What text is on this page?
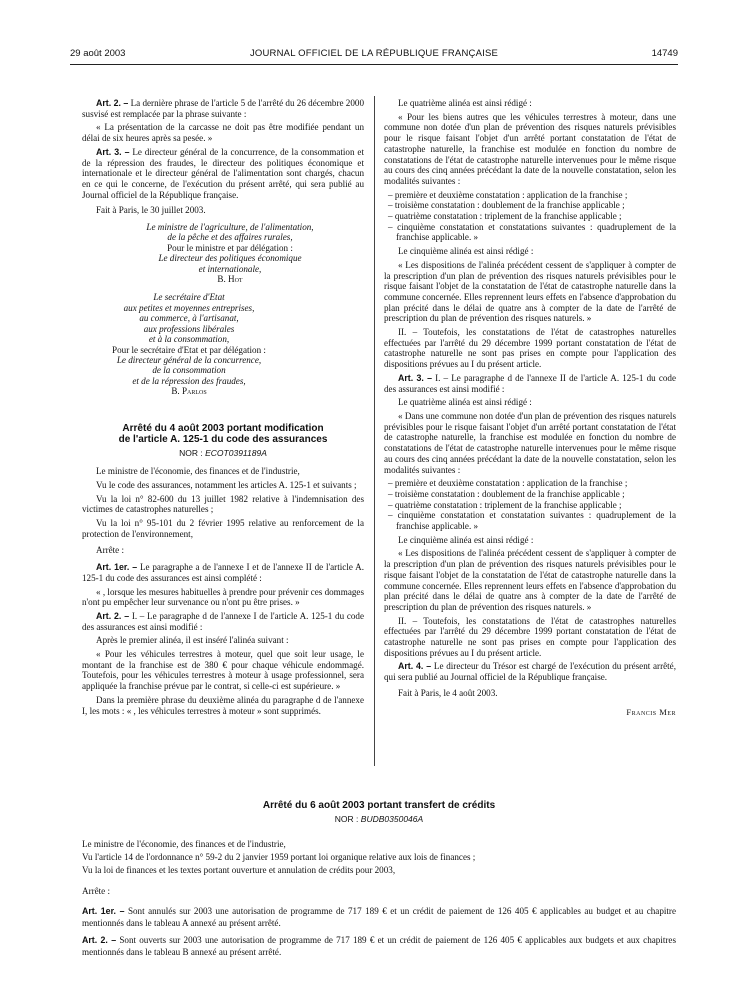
29 août 2003	JOURNAL OFFICIEL DE LA RÉPUBLIQUE FRANÇAISE	14749

Art. 2. – La dernière phrase de l'article 5 de l'arrêté du 26 décembre 2000 susvisé est remplacée par la phrase suivante :

« La présentation de la carcasse ne doit pas être modifiée pendant un délai de six heures après sa pesée. »

Art. 3. – Le directeur général de la concurrence, de la consommation et de la répression des fraudes, le directeur des politiques économique et internationale et le directeur général de l'alimentation sont chargés, chacun en ce qui le concerne, de l'exécution du présent arrêté, qui sera publié au Journal officiel de la République française.

Fait à Paris, le 30 juillet 2003.

Le ministre de l'agriculture, de l'alimentation,

de la pêche et des affaires rurales,

Pour le ministre et par délégation :

Le directeur des politiques économique

et internationale,

B. Hot

Le secrétaire d'Etat

aux petites et moyennes entreprises,

au commerce, à l'artisanat,

aux professions libérales

et à la consommation,

Pour le secrétaire d'Etat et par délégation :

Le directeur général de la concurrence,

de la consommation

et de la répression des fraudes,

B. Parlos

Arrêté du 4 août 2003 portant modification
de l'article A. 125-1 du code des assurances
NOR : ECOT0391189A

Le ministre de l'économie, des finances et de l'industrie,

Vu le code des assurances, notamment les articles A. 125-1 et suivants ;

Vu la loi n° 82-600 du 13 juillet 1982 relative à l'indemnisation des victimes de catastrophes naturelles ;

Vu la loi n° 95-101 du 2 février 1995 relative au renforcement de la protection de l'environnement,

Arrête :

Art. 1er. – Le paragraphe a de l'annexe I et de l'annexe II de l'article A. 125-1 du code des assurances est ainsi complété :

« , lorsque les mesures habituelles à prendre pour prévenir ces dommages n'ont pu empêcher leur survenance ou n'ont pu être prises. »

Art. 2. – I. – Le paragraphe d de l'annexe I de l'article A. 125-1 du code des assurances est ainsi modifié :

Après le premier alinéa, il est inséré l'alinéa suivant :

« Pour les véhicules terrestres à moteur, quel que soit leur usage, le montant de la franchise est de 380 € pour chaque véhicule endommagé. Toutefois, pour les véhicules terrestres à moteur à usage professionnel, sera appliquée la franchise prévue par le contrat, si celle-ci est supérieure. »

Dans la première phrase du deuxième alinéa du paragraphe d de l'annexe I, les mots : « , les véhicules terrestres à moteur » sont supprimés.

Le quatrième alinéa est ainsi rédigé :

« Pour les biens autres que les véhicules terrestres à moteur, dans une commune non dotée d'un plan de prévention des risques naturels prévisibles pour le risque faisant l'objet d'un arrêté portant constatation de l'état de catastrophe naturelle, la franchise est modulée en fonction du nombre de constatations de l'état de catastrophe naturelle intervenues pour le même risque au cours des cinq années précédant la date de la nouvelle constatation, selon les modalités suivantes :

– première et deuxième constatation : application de la franchise ;
– troisième constatation : doublement de la franchise applicable ;
– quatrième constatation : triplement de la franchise applicable ;
– cinquième constatation et constatations suivantes : quadruplement de la franchise applicable. »

Le cinquième alinéa est ainsi rédigé :

« Les dispositions de l'alinéa précédent cessent de s'appliquer à compter de la prescription d'un plan de prévention des risques naturels prévisibles pour le risque faisant l'objet de la constatation de l'état de catastrophe naturelle dans la commune concernée. Elles reprennent leurs effets en l'absence d'approbation du plan précité dans le délai de quatre ans à compter de la date de l'arrêté de prescription du plan de prévention des risques naturels. »

II. – Toutefois, les constatations de l'état de catastrophes naturelles effectuées par l'arrêté du 29 décembre 1999 portant constatation de l'état de catastrophe naturelle ne sont pas prises en compte pour l'application des dispositions prévues au I du présent article.

Art. 3. – I. – Le paragraphe d de l'annexe II de l'article A. 125-1 du code des assurances est ainsi modifié :

Le quatrième alinéa est ainsi rédigé :

« Dans une commune non dotée d'un plan de prévention des risques naturels prévisibles pour le risque faisant l'objet d'un arrêté portant constatation de l'état de catastrophe naturelle, la franchise est modulée en fonction du nombre de constatations de l'état de catastrophe naturelle intervenues pour le même risque au cours des cinq années précédant la date de la nouvelle constatation, selon les modalités suivantes :

– première et deuxième constatation : application de la franchise ;
– troisième constatation : doublement de la franchise applicable ;
– quatrième constatation : triplement de la franchise applicable ;
– cinquième constatation et constatation suivantes : quadruplement de la franchise applicable. »

Le cinquième alinéa est ainsi rédigé :

« Les dispositions de l'alinéa précédent cessent de s'appliquer à compter de la prescription d'un plan de prévention des risques naturels prévisibles pour le risque faisant l'objet de la constatation de l'état de catastrophe naturelle dans la commune concernée. Elles reprennent leurs effets en l'absence d'approbation du plan précité dans le délai de quatre ans à compter de la date de l'arrêté de prescription du plan de prévention des risques naturels. »

II. – Toutefois, les constatations de l'état de catastrophes naturelles effectuées par l'arrêté du 29 décembre 1999 portant constatation de l'état de catastrophe naturelle ne sont pas prises en compte pour l'application des dispositions prévues au I du présent article.

Art. 4. – Le directeur du Trésor est chargé de l'exécution du présent arrêté, qui sera publié au Journal officiel de la République française.

Fait à Paris, le 4 août 2003.

Francis Mer

Arrêté du 6 août 2003 portant transfert de crédits
NOR : BUDB0350046A

Le ministre de l'économie, des finances et de l'industrie,

Vu l'article 14 de l'ordonnance n° 59-2 du 2 janvier 1959 portant loi organique relative aux lois de finances ;

Vu la loi de finances et les textes portant ouverture et annulation de crédits pour 2003,

Arrête :

Art. 1er. – Sont annulés sur 2003 une autorisation de programme de 717 189 € et un crédit de paiement de 126 405 € applicables au budget et au chapitre mentionnés dans le tableau A annexé au présent arrêté.

Art. 2. – Sont ouverts sur 2003 une autorisation de programme de 717 189 € et un crédit de paiement de 126 405 € applicables aux budgets et aux chapitres mentionnés dans le tableau B annexé au présent arrêté.
